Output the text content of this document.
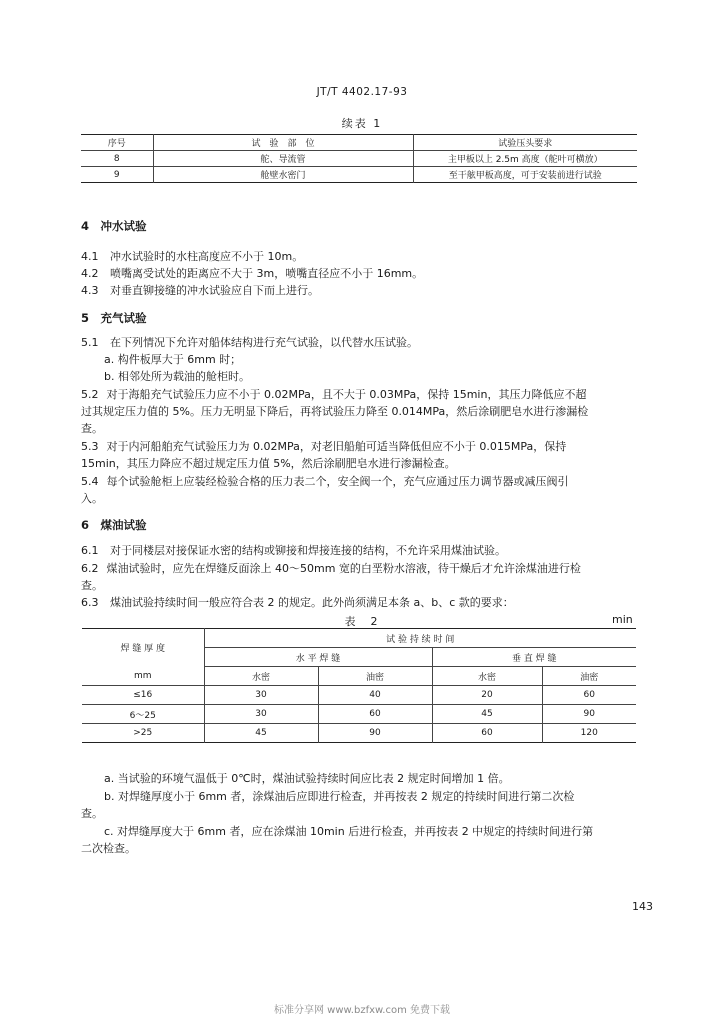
JT/T 4402.17-93
续表 1
序号	试　验　部　位	试验压头要求
8	舵、导流管	主甲板以上 2.5m 高度（舵叶可横放）
9	舱壁水密门	至干舷甲板高度，可于安装前进行试验
4　冲水试验
4.1 冲水试验时的水柱高度应不小于 10m。
4.2 喷嘴离受试处的距离应不大于 3m，喷嘴直径应不小于 16mm。
4.3 对垂直铆接缝的冲水试验应自下而上进行。
5　充气试验
5.1 在下列情况下允许对船体结构进行充气试验，以代替水压试验。
a. 构件板厚大于 6mm 时；
b. 相邻处所为载油的舱柜时。
5.2 对于海船充气试验压力应不小于 0.02MPa，且不大于 0.03MPa，保持 15min，其压力降低应不超
过其规定压力值的 5%。压力无明显下降后，再将试验压力降至 0.014MPa，然后涂刷肥皂水进行渗漏检
查。
5.3 对于内河船舶充气试验压力为 0.02MPa，对老旧船舶可适当降低但应不小于 0.015MPa，保持
15min，其压力降应不超过规定压力值 5%，然后涂刷肥皂水进行渗漏检查。
5.4 每个试验舱柜上应装经检验合格的压力表二个，安全阀一个，充气应通过压力调节器或减压阀引
入。
6　煤油试验
6.1 对于同楼层对接保证水密的结构或铆接和焊接连接的结构，不允许采用煤油试验。
6.2 煤油试验时，应先在焊缝反面涂上 40～50mm 宽的白垩粉水溶液，待干燥后才允许涂煤油进行检
查。
6.3 煤油试验持续时间一般应符合表 2 的规定。此外尚须满足本条 a、b、c 款的要求：
表　2	min
焊 缝 厚 度	试 验 持 续 时 间			
	水 平 焊 缝		垂 直 焊 缝	
mm	水密	油密	水密	油密
≤16	30	40	20	60
6～25	30	60	45	90
>25	45	90	60	120
a. 当试验的环境气温低于 0℃时，煤油试验持续时间应比表 2 规定时间增加 1 倍。
b. 对焊缝厚度小于 6mm 者，涂煤油后应即进行检查，并再按表 2 规定的持续时间进行第二次检
查。
c. 对焊缝厚度大于 6mm 者，应在涂煤油 10min 后进行检查，并再按表 2 中规定的持续时间进行第
二次检查。
143
标准分享网 www.bzfxw.com 免费下载
